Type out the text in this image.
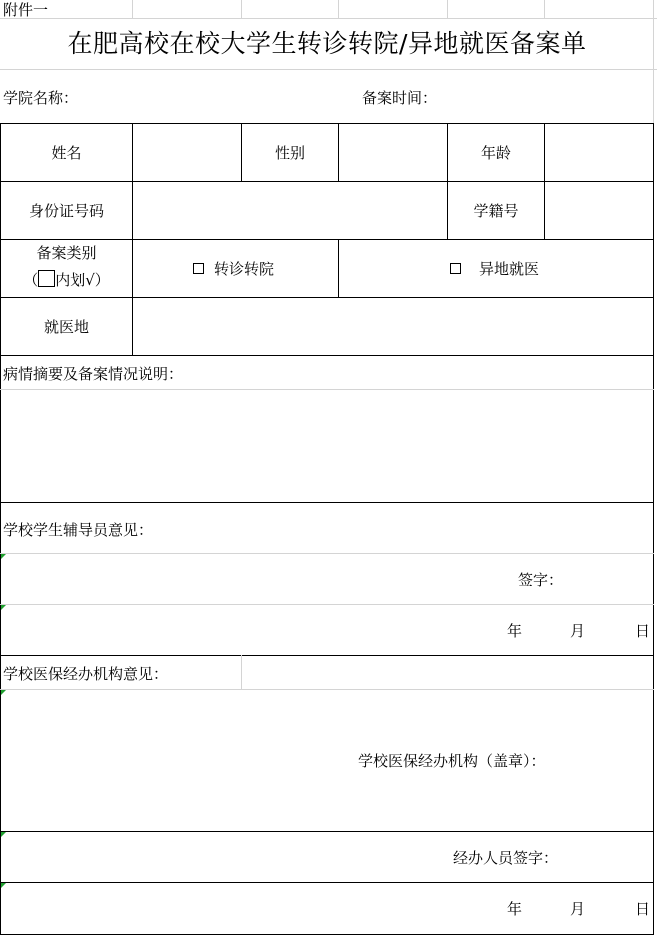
附件一
在肥高校在校大学生转诊转院/异地就医备案单
学院名称：	备案时间：
姓名	性别	年龄
身份证号码	学籍号
备案类别
（ 内划√）
转诊转院	异地就医
就医地
病情摘要及备案情况说明：
学校学生辅导员意见：
签字：
年	月	日
学校医保经办机构意见：
学校医保经办机构（盖章）：
经办人员签字：
年	月	日
